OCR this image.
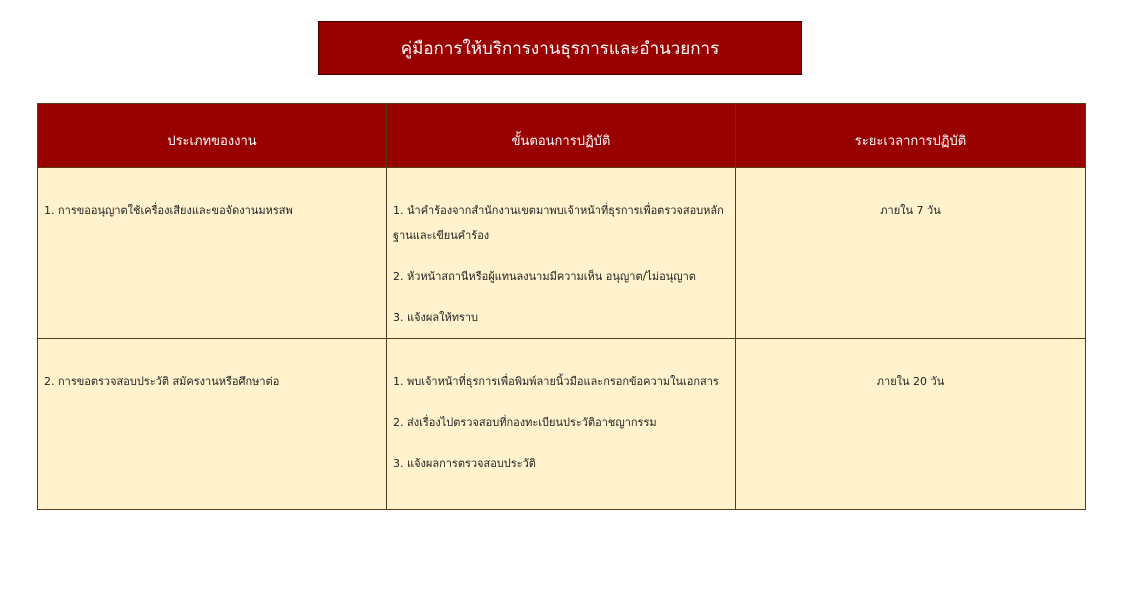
คู่มือการให้บริการงานธุรการและอำนวยการ
ประเภทของงาน	ขั้นตอนการปฏิบัติ	ระยะเวลาการปฏิบัติ
1. การขออนุญาตใช้เครื่องเสียงและขอจัดงานมหรสพ	1. นำคำร้องจากสำนักงานเขตมาพบเจ้าหน้าที่ธุรการเพื่อตรวจสอบหลักฐานและเขียนคำร้อง
2. หัวหน้าสถานีหรือผู้แทนลงนามมีความเห็น อนุญาต/ไม่อนุญาต
3. แจ้งผลให้ทราบ	ภายใน 7 วัน
2. การขอตรวจสอบประวัติ สมัครงานหรือศึกษาต่อ	1. พบเจ้าหน้าที่ธุรการเพื่อพิมพ์ลายนิ้วมือและกรอกข้อความในเอกสาร
2. ส่งเรื่องไปตรวจสอบที่กองทะเบียนประวัติอาชญากรรม
3. แจ้งผลการตรวจสอบประวัติ	ภายใน 20 วัน
